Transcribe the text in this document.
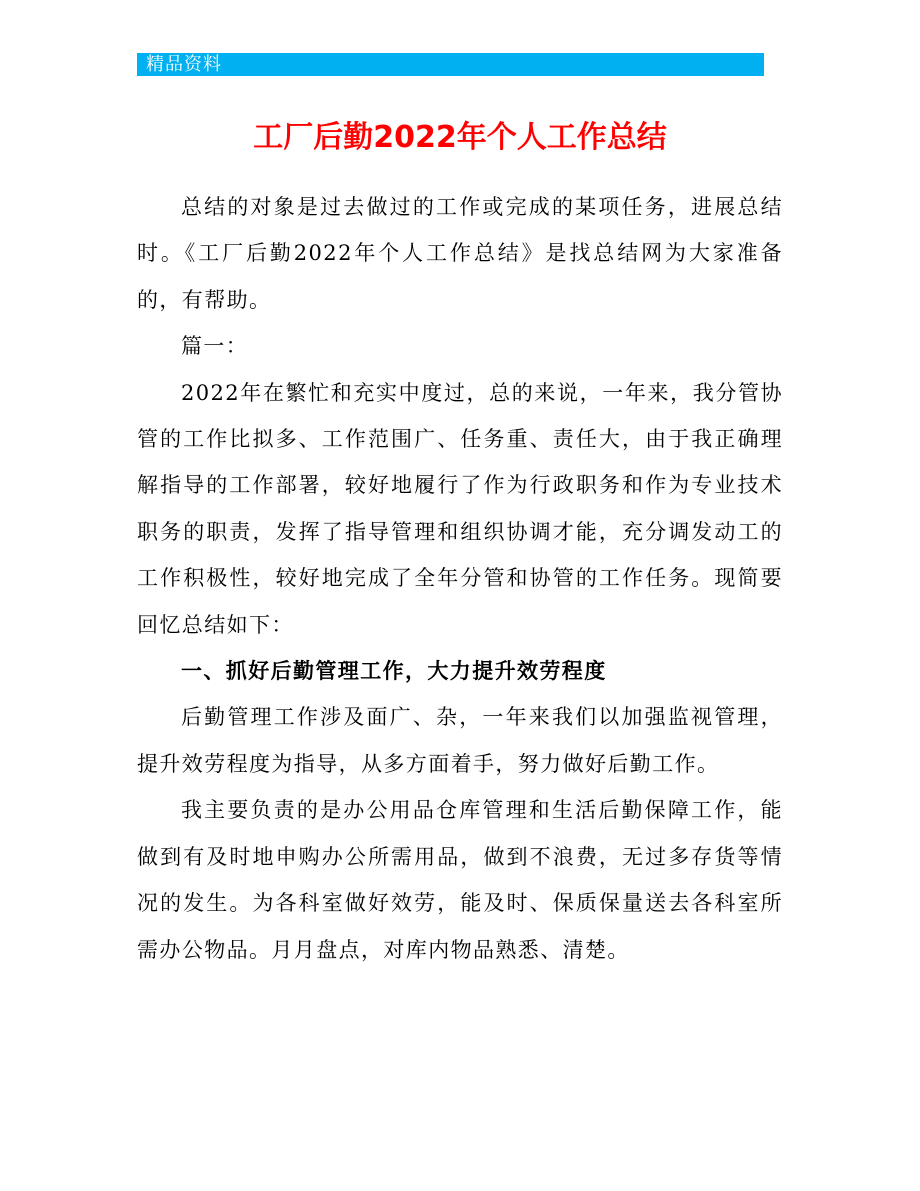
精品资料
工厂后勤2022年个人工作总结

总结的对象是过去做过的工作或完成的某项任务，进展总结时。《工厂后勤2022年个人工作总结》是找总结网为大家准备的，有帮助。

篇一：

2022年在繁忙和充实中度过，总的来说，一年来，我分管协管的工作比拟多、工作范围广、任务重、责任大，由于我正确理解指导的工作部署，较好地履行了作为行政职务和作为专业技术职务的职责，发挥了指导管理和组织协调才能，充分调发动工的工作积极性，较好地完成了全年分管和协管的工作任务。现简要回忆总结如下：

一、抓好后勤管理工作，大力提升效劳程度

后勤管理工作涉及面广、杂，一年来我们以加强监视管理，提升效劳程度为指导，从多方面着手，努力做好后勤工作。

我主要负责的是办公用品仓库管理和生活后勤保障工作，能做到有及时地申购办公所需用品，做到不浪费，无过多存货等情况的发生。为各科室做好效劳，能及时、保质保量送去各科室所需办公物品。月月盘点，对库内物品熟悉、清楚。
